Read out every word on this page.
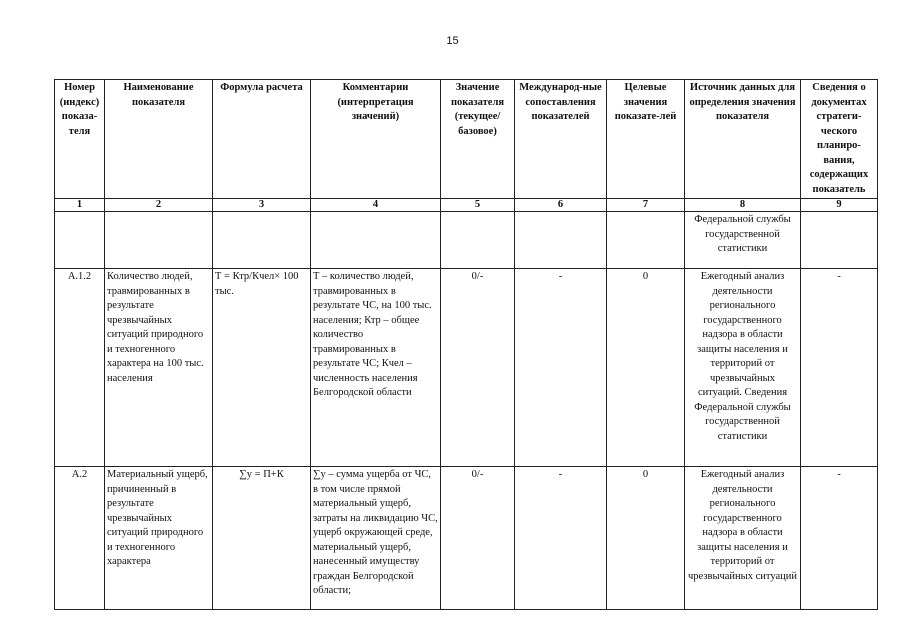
15
Номер (индекс) показа-теля	Наименование показателя	Формула расчета	Комментарии (интерпретация значений)	Значение показателя (текущее/ базовое)	Международ-ные сопоставления показателей	Целевые значения показате-лей	Источник данных для определения значения показателя	Сведения о документах стратеги-ческого планиро-вания, содержащих показатель
1	2	3	4	5	6	7	8	9
							Федеральной службы государственной статистики	
А.1.2	Количество людей, травмированных в результате чрезвычайных ситуаций природного и техногенного характера на 100 тыс. населения	Т = Ктр/Кчел× 100 тыс.	Т – количество людей, травмированных в результате ЧС, на 100 тыс. населения; Ктр – общее количество травмированных в результате ЧС; Кчел – численность населения Белгородской области	0/-	-	0	Ежегодный анализ деятельности регионального государственного надзора в области защиты населения и территорий от чрезвычайных ситуаций. Сведения Федеральной службы государственной статистики	-
А.2	Материальный ущерб, причиненный в результате чрезвычайных ситуаций природного и техногенного характера	∑у = П+К	∑у – сумма ущерба от ЧС, в том числе прямой материальный ущерб, затраты на ликвидацию ЧС, ущерб окружающей среде, материальный ущерб, нанесенный имуществу граждан Белгородской области;	0/-	-	0	Ежегодный анализ деятельности регионального государственного надзора в области защиты населения и территорий от чрезвычайных ситуаций	-
